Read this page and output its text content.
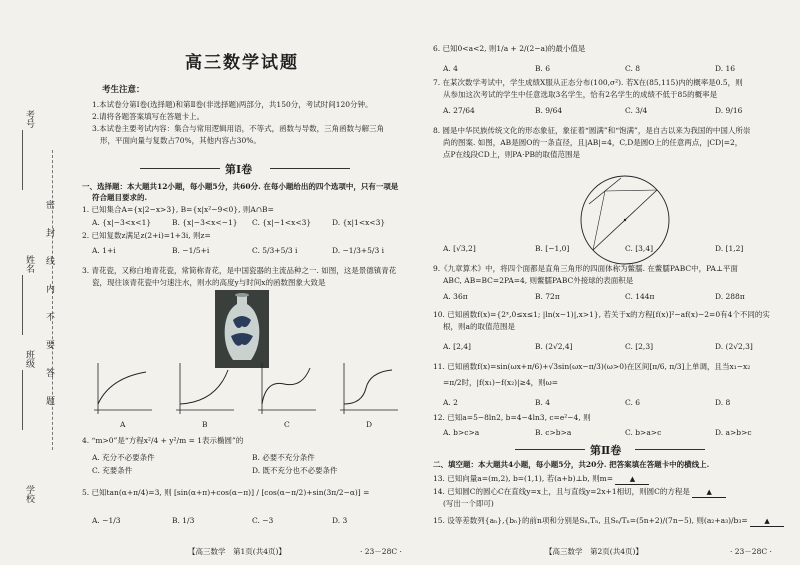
考号
姓名
班级
学校
密
封
线
内
不
要
答
题
高三数学试题
考生注意：
1.本试卷分第Ⅰ卷(选择题)和第Ⅱ卷(非选择题)两部分，共150分，考试时间120分钟。
2.请将各题答案填写在答题卡上。
3.本试卷主要考试内容：集合与常用逻辑用语，不等式，函数与导数，三角函数与解三角
形，平面向量与复数占70%，其他内容占30%。
第Ⅰ卷
一、选择题：本大题共12小题，每小题5分，共60分. 在每小题给出的四个选项中，只有一项是
符合题目要求的.
1. 已知集合A={x|2−x>3}, B={x|x²−9<0}, 则A∩B=
A. {x|−3<x<1}	B. {x|−3<x<−1} C. {x|−1<x<3}	D. {x|1<x<3}
2. 已知复数z满足z(2+i)=1+3i, 则z=
A. 1+i	B. −1/5+i	C. 5/3+5/3 i	D. −1/3+5/3 i
3. 青花瓷，又称白地青花瓷，常简称青花，是中国瓷器的主流品种之一. 如图，这是景德镇青花
瓷，现往该青花瓷中匀速注水，则水的高度y与时间x的函数图象大致是
A	B	C	D
4. “m>0”是“方程x²/4 + y²/m = 1表示椭圆”的
A. 充分不必要条件	B. 必要不充分条件
C. 充要条件	D. 既不充分也不必要条件
5. 已知tan(α+π/4)=3, 则 [sin(α+π)+cos(α−π)] / [cos(α−π/2)+sin(3π/2−α)] =
A. −1/3	B. 1/3	C. −3	D. 3
【高三数学　第1页(共4页)】	· 23－28C ·
6. 已知0<a<2, 则1/a + 2/(2−a)的最小值是
A. 4	B. 6	C. 8	D. 16
7. 在某次数学考试中，学生成绩X服从正态分布(100,σ²). 若X在(85,115)内的概率是0.5，则
从参加这次考试的学生中任意选取3名学生，恰有2名学生的成绩不低于85的概率是
A. 27/64	B. 9/64	C. 3/4	D. 9/16
8. 圆是中华民族传统文化的形态象征，象征着“圆满”和“饱满”，是自古以来为我国的中国人所崇
尚的图案. 如图，AB是圆O的一条直径，且|AB|=4，C,D是圆O上的任意两点，|CD|=2，
点P在线段CD上，则PA·PB的取值范围是
A. [√3,2]	B. [−1,0]	C. [3,4]	D. [1,2]
9.《九章算术》中，将四个面都是直角三角形的四面体称为鳖臑. 在鳖臑PABC中，PA⊥平面
ABC, AB=BC=2PA=4, 则鳖臑PABC外接球的表面积是
A. 36π	B. 72π	C. 144π	D. 288π
10. 已知函数f(x)={2ˣ,0≤x≤1; |ln(x−1)|,x>1}, 若关于x的方程[f(x)]²−af(x)−2=0有4个不同的实
根，则a的取值范围是
A. [2,4]	B. (2√2,4]	C. [2,3]	D. (2√2,3]
11. 已知函数f(x)=sin(ωx+π/6)+√3sin(ωx−π/3)(ω>0)在区间[π/6, π/3]上单调，且当x₁−x₂
=π/2时，|f(x₁)−f(x₂)|≥4，则ω=
A. 2	B. 4	C. 6	D. 8
12. 已知a=5−8ln2, b=4−4ln3, c=e²−4, 则
A. b>c>a	B. c>b>a	C. b>a>c	D. a>b>c
第Ⅱ卷
二、填空题：本大题共4小题，每小题5分，共20分. 把答案填在答题卡中的横线上.
13. 已知向量a=(m,2), b=(1,1), 若(a+b)⊥b, 则m= ▲
14. 已知圆C的圆心C在直线y=x上，且与直线y=2x+1相切，则圆C的方程是 ▲
(写出一个即可)
15. 设等差数列{aₙ},{bₙ}的前n项和分别是Sₙ,Tₙ, 且Sₙ/Tₙ=(5n+2)/(7n−5), 则(a₂+a₃)/b₃= ▲
【高三数学　第2页(共4页)】	· 23－28C ·
